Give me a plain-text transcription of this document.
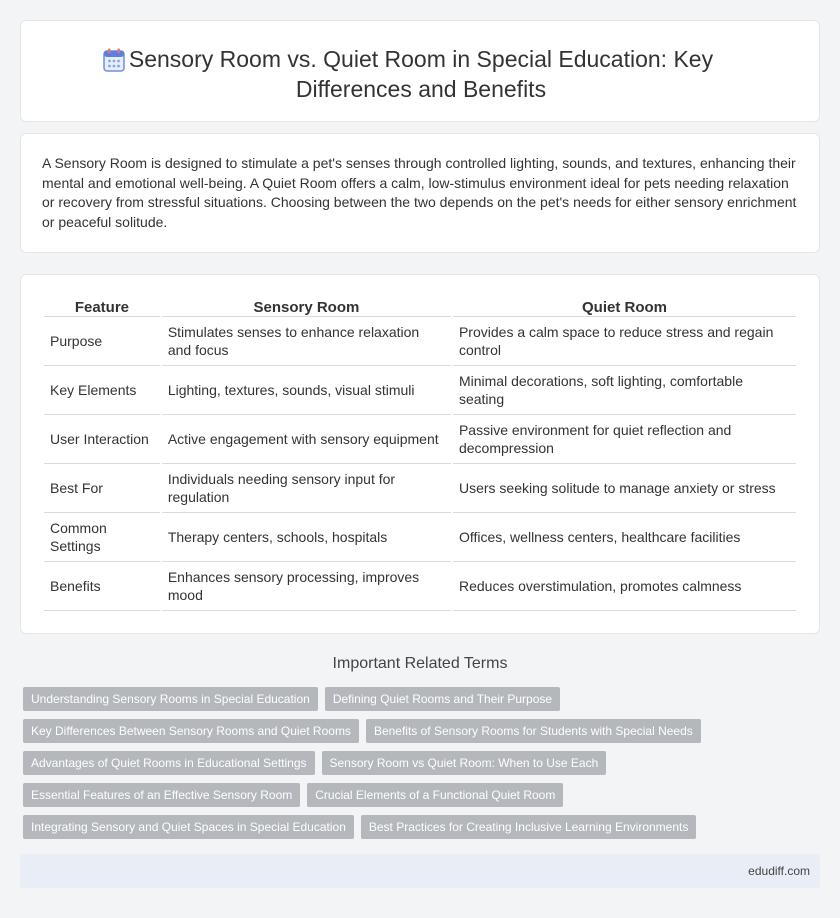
Sensory Room vs. Quiet Room in Special Education: Key
Differences and Benefits

A Sensory Room is designed to stimulate a pet's senses through controlled lighting, sounds, and textures, enhancing their mental and emotional well-being. A Quiet Room offers a calm, low-stimulus environment ideal for pets needing relaxation or recovery from stressful situations. Choosing between the two depends on the pet's needs for either sensory enrichment or peaceful solitude.

Feature	Sensory Room	Quiet Room
Purpose	Stimulates senses to enhance relaxation and focus	Provides a calm space to reduce stress and regain control
Key Elements	Lighting, textures, sounds, visual stimuli	Minimal decorations, soft lighting, comfortable seating
User Interaction	Active engagement with sensory equipment	Passive environment for quiet reflection and decompression
Best For	Individuals needing sensory input for regulation	Users seeking solitude to manage anxiety or stress
Common Settings	Therapy centers, schools, hospitals	Offices, wellness centers, healthcare facilities
Benefits	Enhances sensory processing, improves mood	Reduces overstimulation, promotes calmness
Important Related Terms
Understanding Sensory Rooms in Special Education	Defining Quiet Rooms and Their Purpose
Key Differences Between Sensory Rooms and Quiet Rooms	Benefits of Sensory Rooms for Students with Special Needs
Advantages of Quiet Rooms in Educational Settings	Sensory Room vs Quiet Room: When to Use Each
Essential Features of an Effective Sensory Room	Crucial Elements of a Functional Quiet Room
Integrating Sensory and Quiet Spaces in Special Education	Best Practices for Creating Inclusive Learning Environments
edudiff.com
